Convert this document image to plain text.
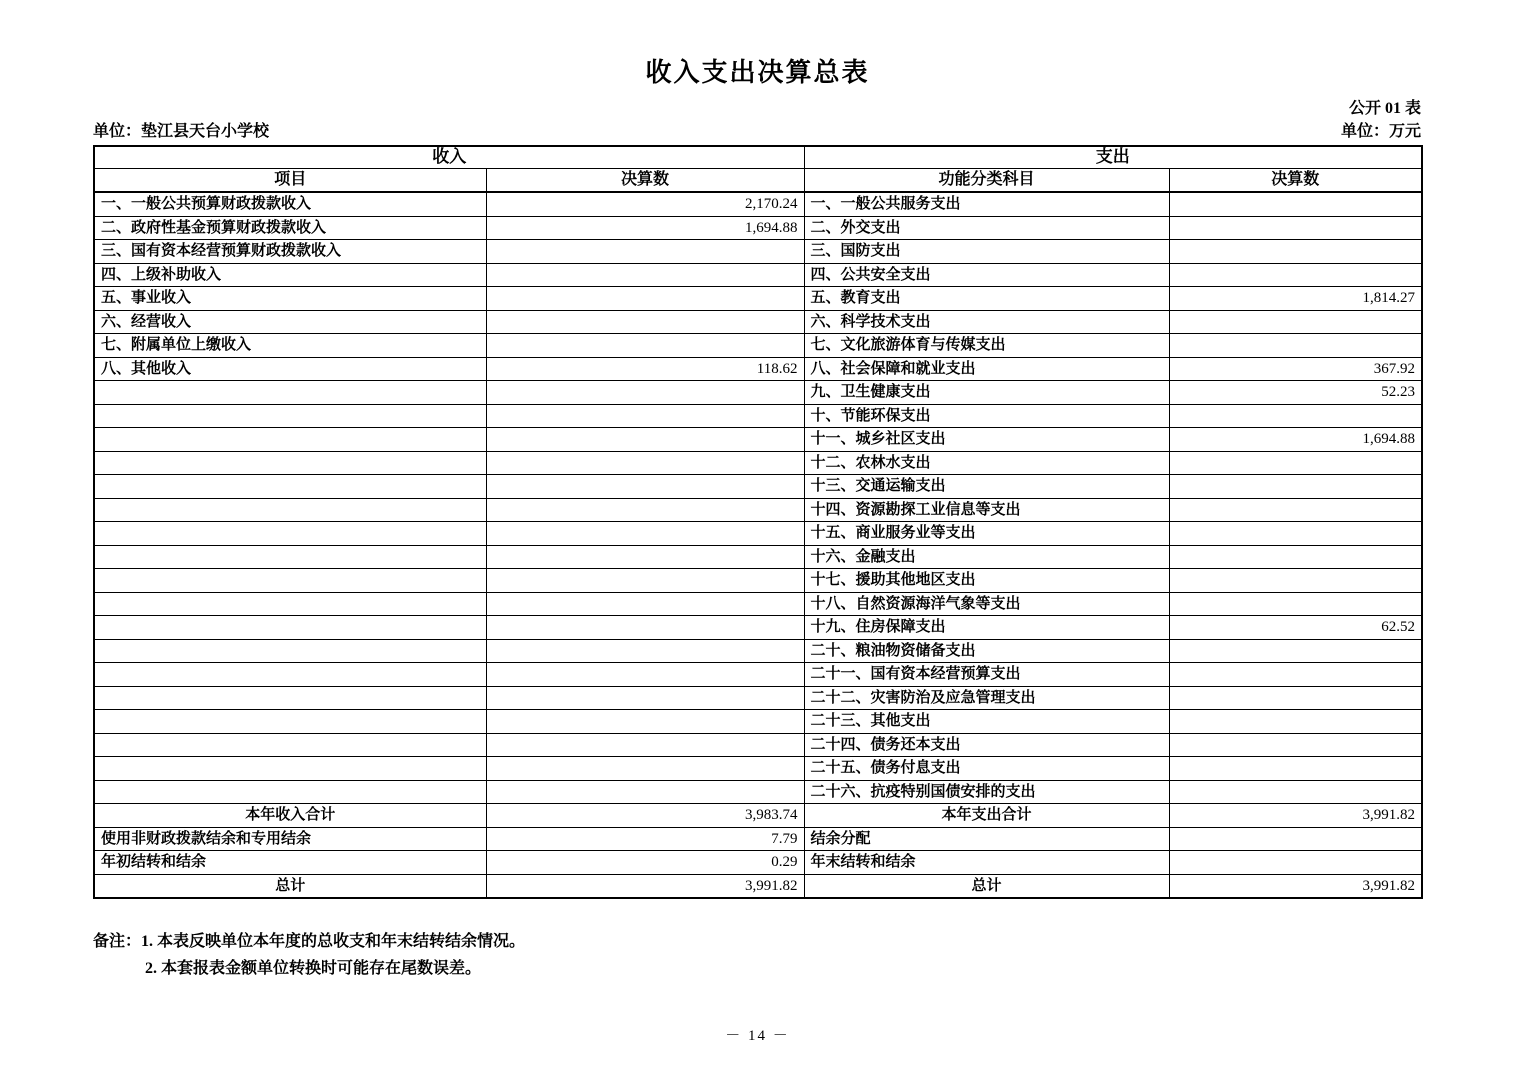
收入支出决算总表
公开 01 表
单位：垫江县天台小学校	单位：万元
收入		支出	
项目	决算数	功能分类科目	决算数
一、一般公共预算财政拨款收入	2,170.24	一、一般公共服务支出	
二、政府性基金预算财政拨款收入	1,694.88	二、外交支出	
三、国有资本经营预算财政拨款收入		三、国防支出	
四、上级补助收入		四、公共安全支出	
五、事业收入		五、教育支出	1,814.27
六、经营收入		六、科学技术支出	
七、附属单位上缴收入		七、文化旅游体育与传媒支出	
八、其他收入	118.62	八、社会保障和就业支出	367.92
		九、卫生健康支出	52.23
		十、节能环保支出	
		十一、城乡社区支出	1,694.88
		十二、农林水支出	
		十三、交通运输支出	
		十四、资源勘探工业信息等支出	
		十五、商业服务业等支出	
		十六、金融支出	
		十七、援助其他地区支出	
		十八、自然资源海洋气象等支出	
		十九、住房保障支出	62.52
		二十、粮油物资储备支出	
		二十一、国有资本经营预算支出	
		二十二、灾害防治及应急管理支出	
		二十三、其他支出	
		二十四、债务还本支出	
		二十五、债务付息支出	
		二十六、抗疫特别国债安排的支出	
本年收入合计	3,983.74	本年支出合计	3,991.82
使用非财政拨款结余和专用结余	7.79	结余分配	
年初结转和结余	0.29	年末结转和结余	
总计	3,991.82	总计	3,991.82
备注：1. 本表反映单位本年度的总收支和年末结转结余情况。
2. 本套报表金额单位转换时可能存在尾数误差。
－ 14 －
